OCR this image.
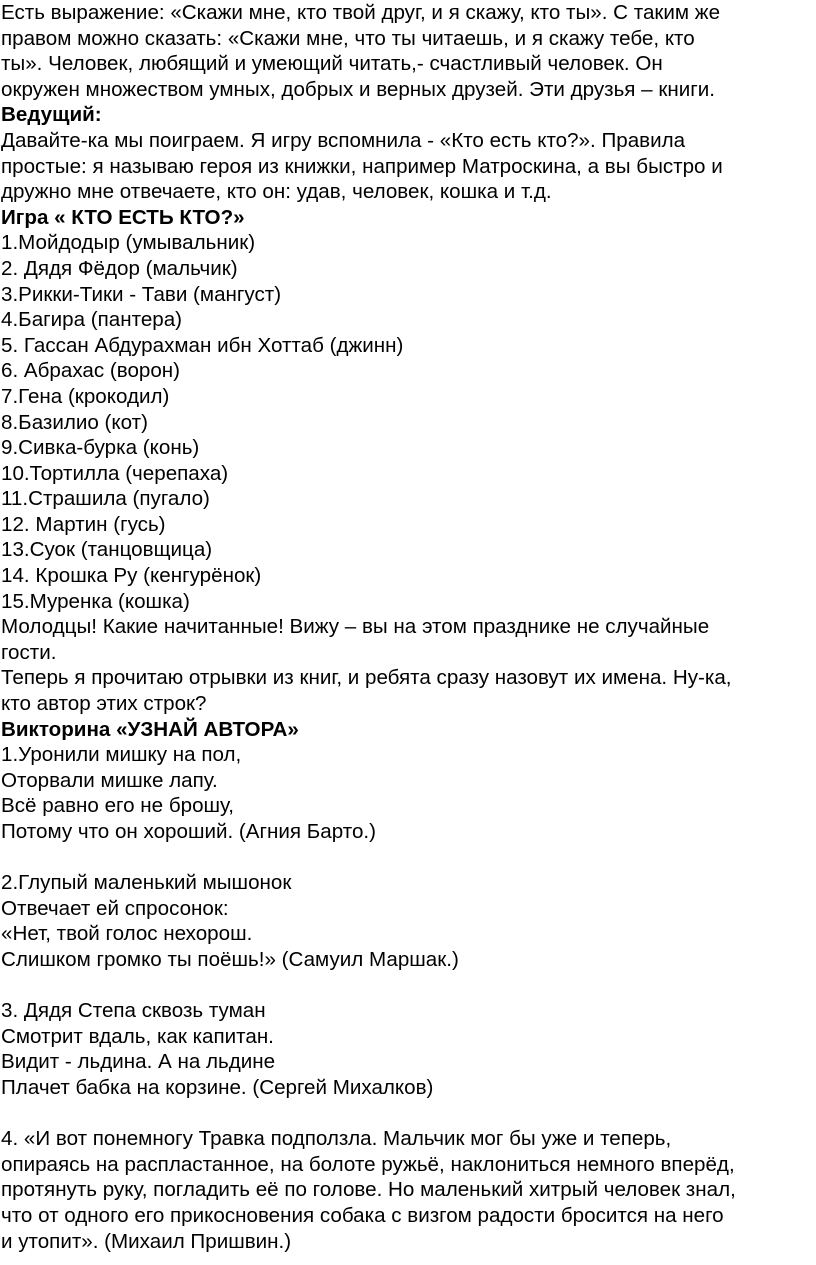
Есть выражение: «Скажи мне, кто твой друг, и я скажу, кто ты». С таким же
правом можно сказать: «Скажи мне, что ты читаешь, и я скажу тебе, кто
ты». Человек, любящий и умеющий читать,- счастливый человек. Он
окружен множеством умных, добрых и верных друзей. Эти друзья – книги.
Ведущий:
Давайте-ка мы поиграем. Я игру вспомнила - «Кто есть кто?». Правила
простые: я называю героя из книжки, например Матроскина, а вы быстро и
дружно мне отвечаете, кто он: удав, человек, кошка и т.д.
Игра « КТО ЕСТЬ КТО?»
1.Мойдодыр (умывальник)
2. Дядя Фёдор (мальчик)
3.Рикки-Тики - Тави (мангуст)
4.Багира (пантера)
5. Гассан Абдурахман ибн Хоттаб (джинн)
6. Абрахас (ворон)
7.Гена (крокодил)
8.Базилио (кот)
9.Сивка-бурка (конь)
10.Тортилла (черепаха)
11.Страшила (пугало)
12. Мартин (гусь)
13.Суок (танцовщица)
14. Крошка Ру (кенгурёнок)
15.Муренка (кошка)
Молодцы! Какие начитанные! Вижу – вы на этом празднике не случайные
гости.
Теперь я прочитаю отрывки из книг, и ребята сразу назовут их имена. Ну-ка,
кто автор этих строк?
Викторина «УЗНАЙ АВТОРА»
1.Уронили мишку на пол,
Оторвали мишке лапу.
Всё равно его не брошу,
Потому что он хороший. (Агния Барто.)
2.Глупый маленький мышонок
Отвечает ей спросонок:
«Нет, твой голос нехорош.
Слишком громко ты поёшь!» (Самуил Маршак.)
3. Дядя Степа сквозь туман
Смотрит вдаль, как капитан.
Видит - льдина. А на льдине
Плачет бабка на корзине. (Сергей Михалков)
4. «И вот понемногу Травка подползла. Мальчик мог бы уже и теперь,
опираясь на распластанное, на болоте ружьё, наклониться немного вперёд,
протянуть руку, погладить её по голове. Но маленький хитрый человек знал,
что от одного его прикосновения собака с визгом радости бросится на него
и утопит». (Михаил Пришвин.)
